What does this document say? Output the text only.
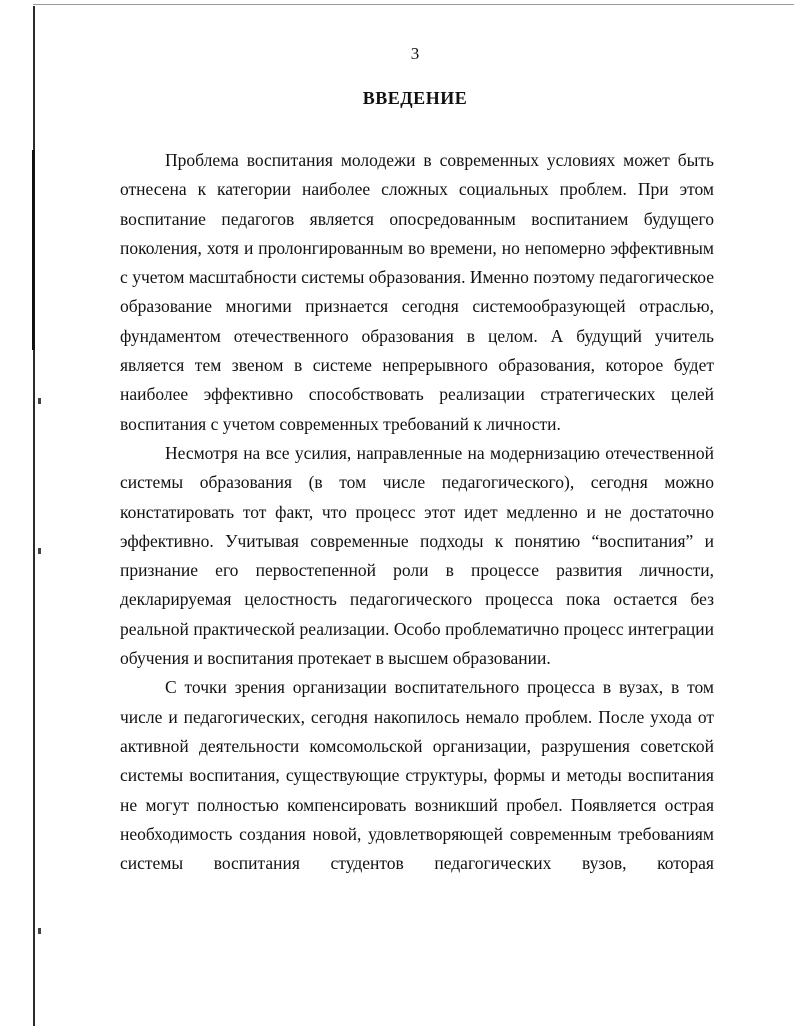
3
ВВЕДЕНИЕ

Проблема воспитания молодежи в современных условиях может быть отнесена к категории наиболее сложных социальных проблем. При этом воспитание педагогов является опосредованным воспитанием будущего поколения, хотя и пролонгированным во времени, но непомерно эффективным с учетом масштабности системы образования. Именно поэтому педагогическое образование многими признается сегодня системообразующей отраслью, фундаментом отечественного образования в целом. А будущий учитель является тем звеном в системе непрерывного образования, которое будет наиболее эффективно способствовать реализации стратегических целей воспитания с учетом современных требований к личности.

Несмотря на все усилия, направленные на модернизацию отечественной системы образования (в том числе педагогического), сегодня можно констатировать тот факт, что процесс этот идет медленно и не достаточно эффективно. Учитывая современные подходы к понятию “воспитания” и признание его первостепенной роли в процессе развития личности, декларируемая целостность педагогического процесса пока остается без реальной практической реализации. Особо проблематично процесс интеграции обучения и воспитания протекает в высшем образовании.

С точки зрения организации воспитательного процесса в вузах, в том числе и педагогических, сегодня накопилось немало проблем. После ухода от активной деятельности комсомольской организации, разрушения советской системы воспитания, существующие структуры, формы и методы воспитания не могут полностью компенсировать возникший пробел. Появляется острая необходимость создания новой, удовлетворяющей современным требованиям системы воспитания студентов педагогических вузов, которая
